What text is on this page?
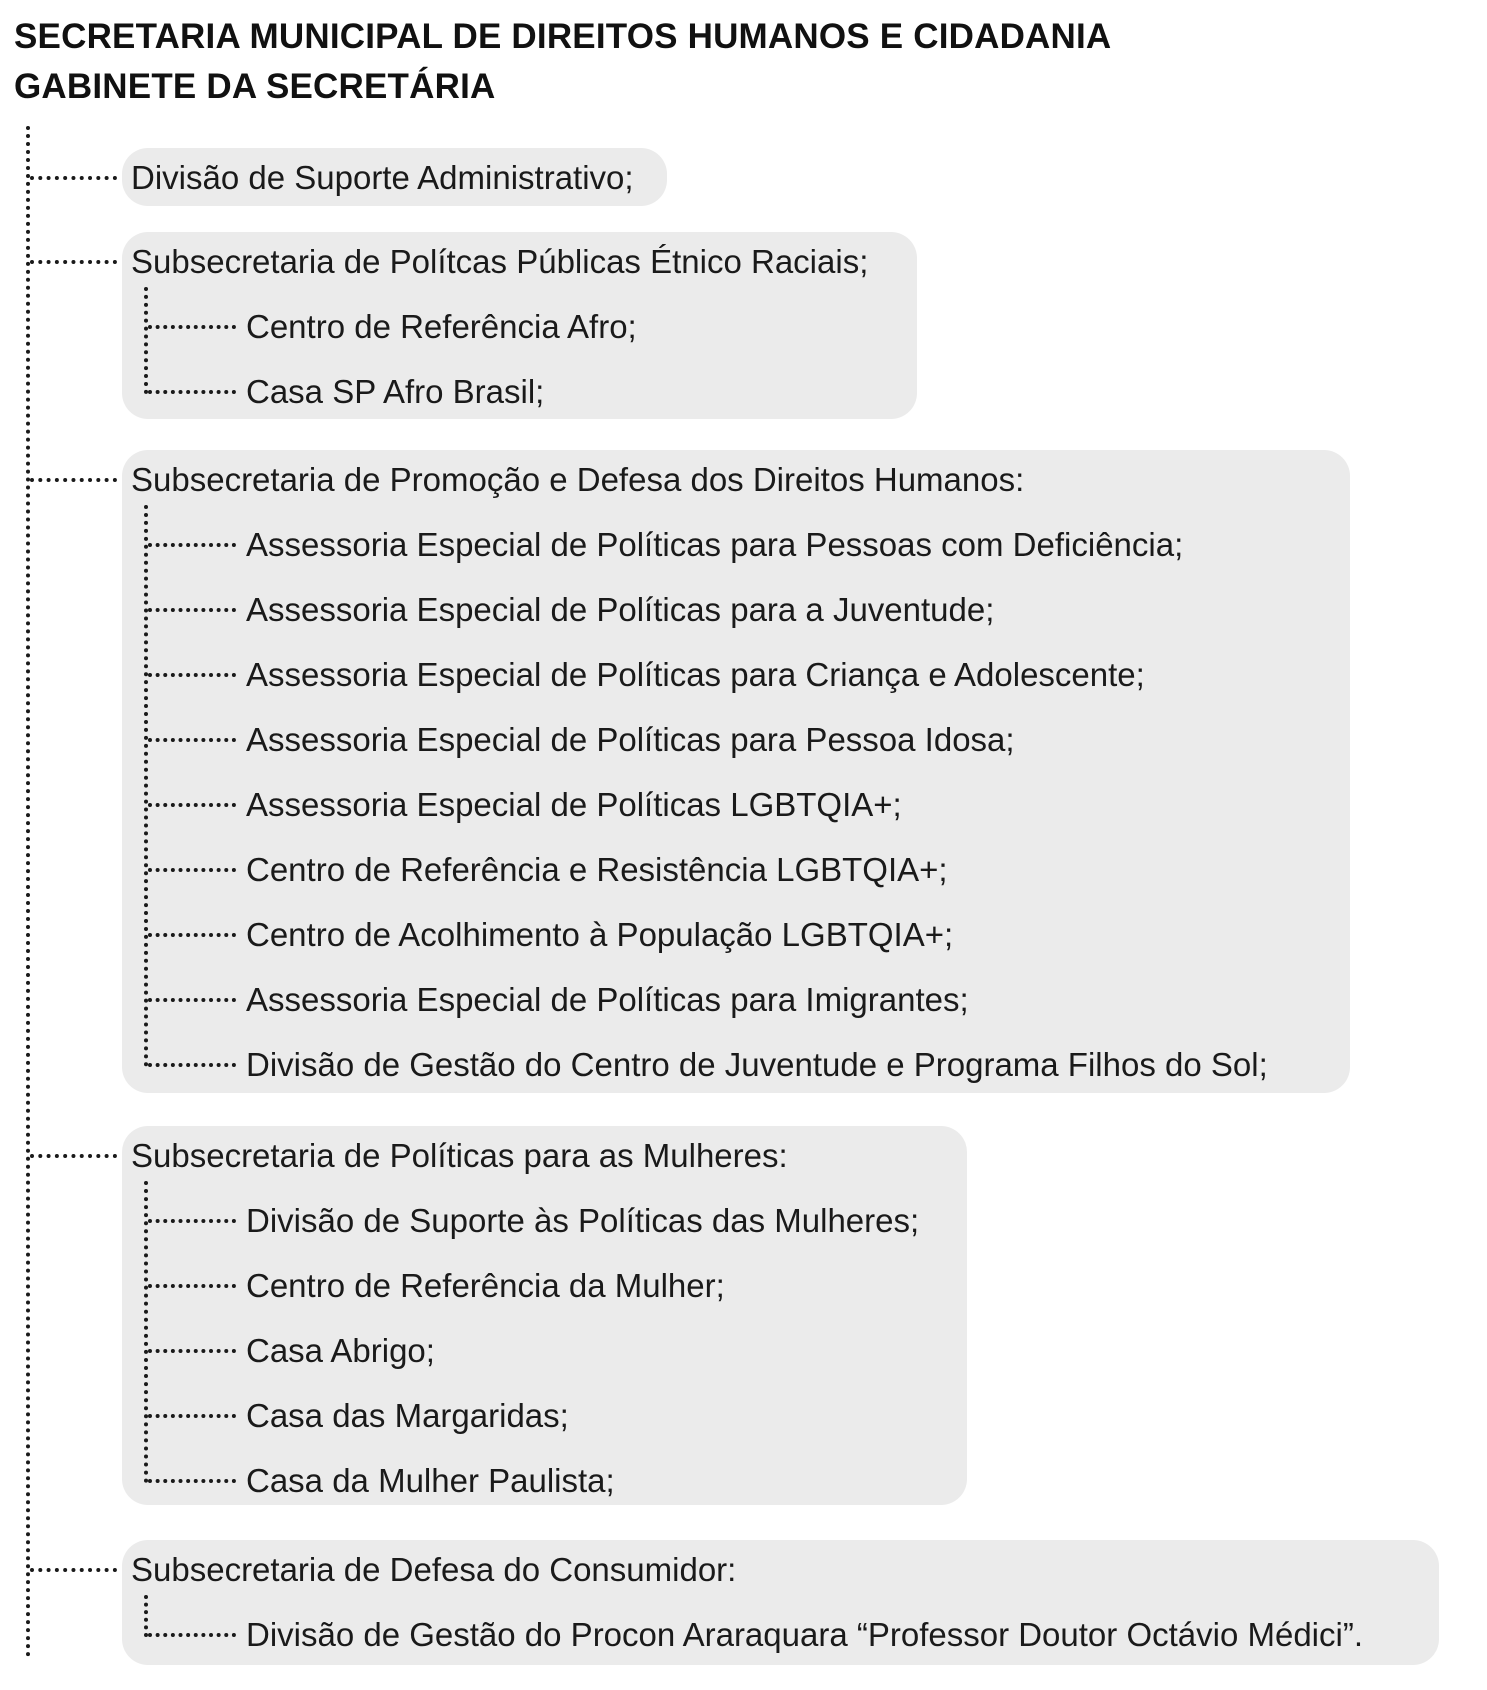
SECRETARIA MUNICIPAL DE DIREITOS HUMANOS E CIDADANIA
GABINETE DA SECRETÁRIA
Divisão de Suporte Administrativo;
Subsecretaria de Polítcas Públicas Étnico Raciais;
Centro de Referência Afro;
Casa SP Afro Brasil;
Subsecretaria de Promoção e Defesa dos Direitos Humanos:
Assessoria Especial de Políticas para Pessoas com Deficiência;
Assessoria Especial de Políticas para a Juventude;
Assessoria Especial de Políticas para Criança e Adolescente;
Assessoria Especial de Políticas para Pessoa Idosa;
Assessoria Especial de Políticas LGBTQIA+;
Centro de Referência e Resistência LGBTQIA+;
Centro de Acolhimento à População LGBTQIA+;
Assessoria Especial de Políticas para Imigrantes;
Divisão de Gestão do Centro de Juventude e Programa Filhos do Sol;
Subsecretaria de Políticas para as Mulheres:
Divisão de Suporte às Políticas das Mulheres;
Centro de Referência da Mulher;
Casa Abrigo;
Casa das Margaridas;
Casa da Mulher Paulista;
Subsecretaria de Defesa do Consumidor:
Divisão de Gestão do Procon Araraquara “Professor Doutor Octávio Médici”.
